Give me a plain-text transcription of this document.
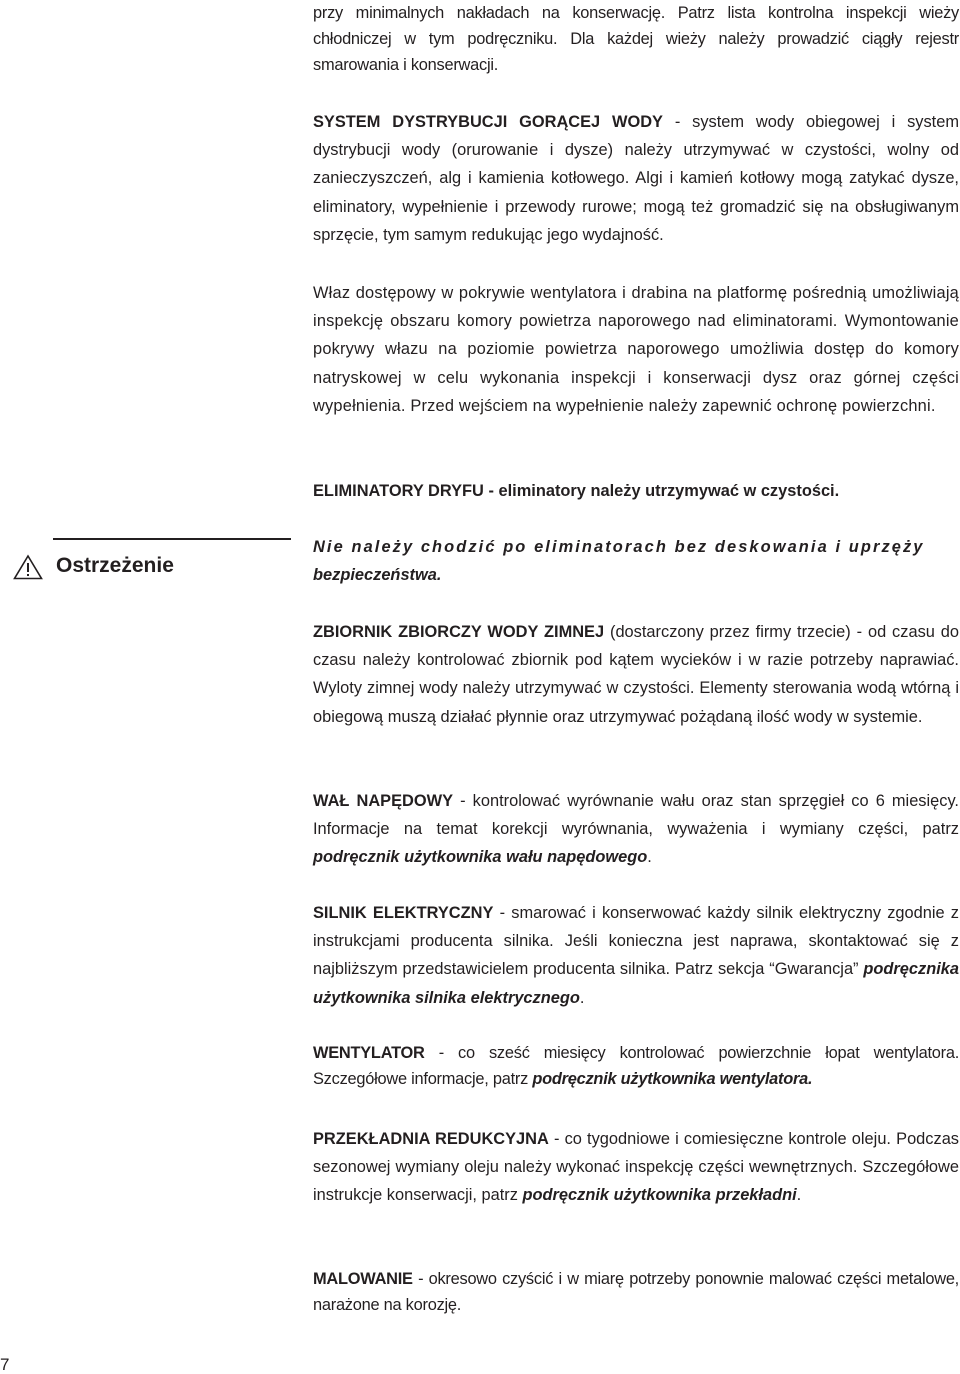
przy minimalnych nakładach na konserwację. Patrz lista kontrolna inspekcji wieży chłodniczej w tym podręczniku. Dla każdej wieży należy prowadzić ciągły rejestr smarowania i konserwacji.

SYSTEM DYSTRYBUCJI GORĄCEJ WODY - system wody obiegowej i system dystrybucji wody (orurowanie i dysze) należy utrzymywać w czystości, wolny od zanieczyszczeń, alg i kamienia kotłowego. Algi i kamień kotłowy mogą zatykać dysze, eliminatory, wypełnienie i przewody rurowe; mogą też gromadzić się na obsługiwanym sprzęcie, tym samym redukując jego wydajność.

Właz dostępowy w pokrywie wentylatora i drabina na platformę pośrednią umożliwiają inspekcję obszaru komory powietrza naporowego nad eliminatorami. Wymontowanie pokrywy włazu na poziomie powietrza naporowego umożliwia dostęp do komory natryskowej w celu wykonania inspekcji i konserwacji dysz oraz górnej części wypełnienia. Przed wejściem na wypełnienie należy zapewnić ochronę powierzchni.

ELIMINATORY DRYFU - eliminatory należy utrzymywać w czystości.

Ostrzeżenie

Nie należy chodzić po eliminatorach bez deskowania i uprzęży
bezpieczeństwa.

ZBIORNIK ZBIORCZY WODY ZIMNEJ (dostarczony przez firmy trzecie) - od czasu do czasu należy kontrolować zbiornik pod kątem wycieków i w razie potrzeby naprawiać. Wyloty zimnej wody należy utrzymywać w czystości. Elementy sterowania wodą wtórną i obiegową muszą działać płynnie oraz utrzymywać pożądaną ilość wody w systemie.

WAŁ NAPĘDOWY - kontrolować wyrównanie wału oraz stan sprzęgieł co 6 miesięcy. Informacje na temat korekcji wyrównania, wyważenia i wymiany części, patrz podręcznik użytkownika wału napędowego.

SILNIK ELEKTRYCZNY - smarować i konserwować każdy silnik elektryczny zgodnie z instrukcjami producenta silnika. Jeśli konieczna jest naprawa, skontaktować się z najbliższym przedstawicielem producenta silnika. Patrz sekcja “Gwarancja” podręcznika użytkownika silnika elektrycznego.

WENTYLATOR - co sześć miesięcy kontrolować powierzchnie łopat wentylatora. Szczegółowe informacje, patrz podręcznik użytkownika wentylatora.

PRZEKŁADNIA REDUKCYJNA - co tygodniowe i comiesięczne kontrole oleju. Podczas sezonowej wymiany oleju należy wykonać inspekcję części wewnętrznych. Szczegółowe instrukcje konserwacji, patrz podręcznik użytkownika przekładni.

MALOWANIE - okresowo czyścić i w miarę potrzeby ponownie malować części metalowe, narażone na korozję.

7
